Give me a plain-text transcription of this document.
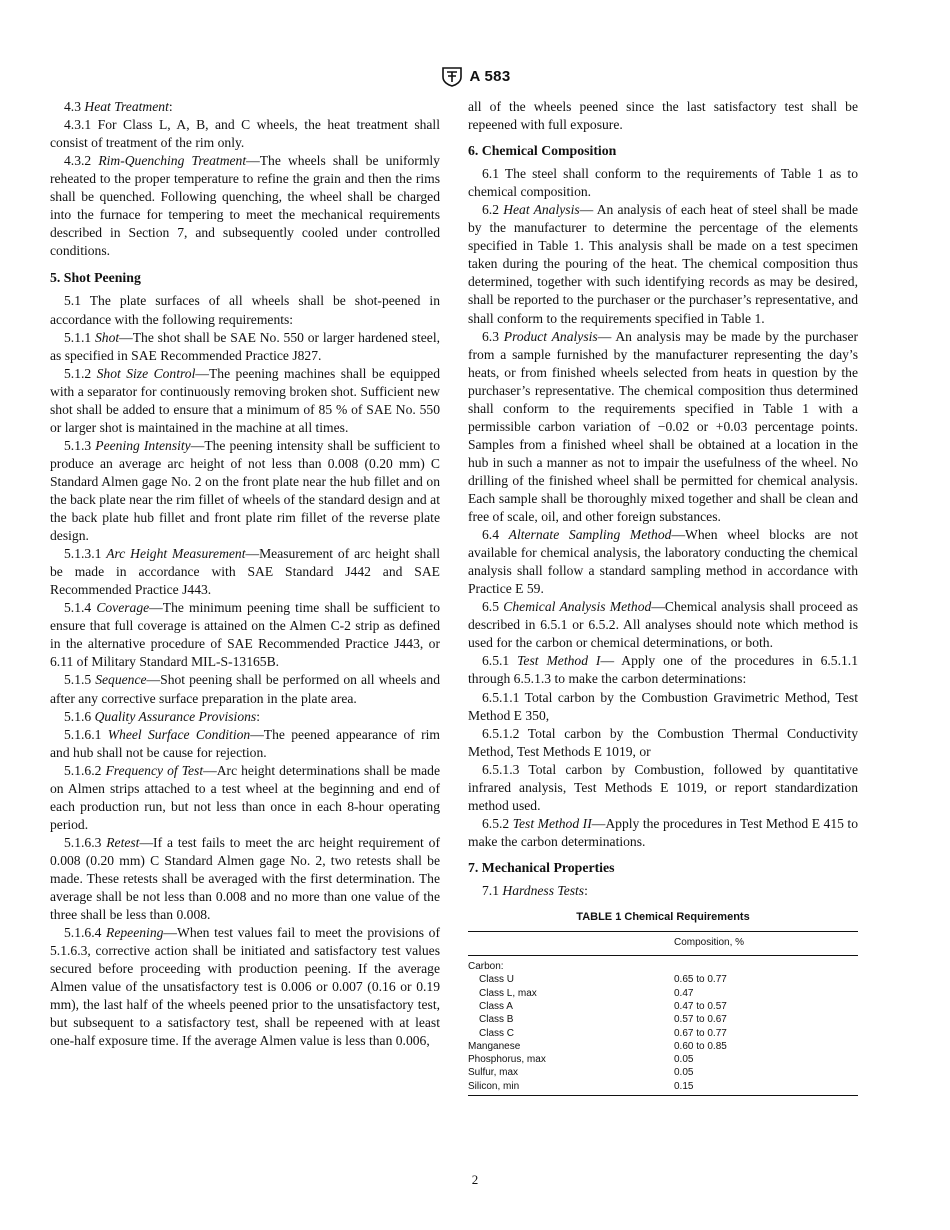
A 583

4.3 Heat Treatment:

4.3.1 For Class L, A, B, and C wheels, the heat treatment shall consist of treatment of the rim only.

4.3.2 Rim-Quenching Treatment—The wheels shall be uniformly reheated to the proper temperature to refine the grain and then the rims shall be quenched. Following quenching, the wheel shall be charged into the furnace for tempering to meet the mechanical requirements described in Section 7, and subsequently cooled under controlled conditions.

5. Shot Peening

5.1 The plate surfaces of all wheels shall be shot-peened in accordance with the following requirements:

5.1.1 Shot—The shot shall be SAE No. 550 or larger hardened steel, as specified in SAE Recommended Practice J827.

5.1.2 Shot Size Control—The peening machines shall be equipped with a separator for continuously removing broken shot. Sufficient new shot shall be added to ensure that a minimum of 85 % of SAE No. 550 or larger shot is maintained in the machine at all times.

5.1.3 Peening Intensity—The peening intensity shall be sufficient to produce an average arc height of not less than 0.008 (0.20 mm) C Standard Almen gage No. 2 on the front plate near the hub fillet and on the back plate near the rim fillet of wheels of the standard design and at the back plate hub fillet and front plate rim fillet of the reverse plate design.

5.1.3.1 Arc Height Measurement—Measurement of arc height shall be made in accordance with SAE Standard J442 and SAE Recommended Practice J443.

5.1.4 Coverage—The minimum peening time shall be sufficient to ensure that full coverage is attained on the Almen C-2 strip as defined in the alternative procedure of SAE Recommended Practice J443, or 6.11 of Military Standard MIL-S-13165B.

5.1.5 Sequence—Shot peening shall be performed on all wheels and after any corrective surface preparation in the plate area.

5.1.6 Quality Assurance Provisions:

5.1.6.1 Wheel Surface Condition—The peened appearance of rim and hub shall not be cause for rejection.

5.1.6.2 Frequency of Test—Arc height determinations shall be made on Almen strips attached to a test wheel at the beginning and end of each production run, but not less than once in each 8-hour operating period.

5.1.6.3 Retest—If a test fails to meet the arc height requirement of 0.008 (0.20 mm) C Standard Almen gage No. 2, two retests shall be made. These retests shall be averaged with the first determination. The average shall be not less than 0.008 and no more than one value of the three shall be less than 0.008.

5.1.6.4 Repeening—When test values fail to meet the provisions of 5.1.6.3, corrective action shall be initiated and satisfactory test values secured before proceeding with production peening. If the average Almen value of the unsatisfactory test is 0.006 or 0.007 (0.16 or 0.19 mm), the last half of the wheels peened prior to the unsatisfactory test, but subsequent to a satisfactory test, shall be repeened with at least one-half exposure time. If the average Almen value is less than 0.006,

all of the wheels peened since the last satisfactory test shall be repeened with full exposure.

6. Chemical Composition

6.1 The steel shall conform to the requirements of Table 1 as to chemical composition.

6.2 Heat Analysis— An analysis of each heat of steel shall be made by the manufacturer to determine the percentage of the elements specified in Table 1. This analysis shall be made on a test specimen taken during the pouring of the heat. The chemical composition thus determined, together with such identifying records as may be desired, shall be reported to the purchaser or the purchaser’s representative, and shall conform to the requirements specified in Table 1.

6.3 Product Analysis— An analysis may be made by the purchaser from a sample furnished by the manufacturer representing the day’s heats, or from finished wheels selected from heats in question by the purchaser’s representative. The chemical composition thus determined shall conform to the requirements specified in Table 1 with a permissible carbon variation of −0.02 or +0.03 percentage points. Samples from a finished wheel shall be obtained at a location in the hub in such a manner as not to impair the usefulness of the wheel. No drilling of the finished wheel shall be permitted for chemical analysis. Each sample shall be thoroughly mixed together and shall be clean and free of scale, oil, and other foreign substances.

6.4 Alternate Sampling Method—When wheel blocks are not available for chemical analysis, the laboratory conducting the chemical analysis shall follow a standard sampling method in accordance with Practice E 59.

6.5 Chemical Analysis Method—Chemical analysis shall proceed as described in 6.5.1 or 6.5.2. All analyses should note which method is used for the carbon or chemical determinations, or both.

6.5.1 Test Method I— Apply one of the procedures in 6.5.1.1 through 6.5.1.3 to make the carbon determinations:

6.5.1.1 Total carbon by the Combustion Gravimetric Method, Test Method E 350,

6.5.1.2 Total carbon by the Combustion Thermal Conductivity Method, Test Methods E 1019, or

6.5.1.3 Total carbon by Combustion, followed by quantitative infrared analysis, Test Methods E 1019, or report standardization method used.

6.5.2 Test Method II—Apply the procedures in Test Method E 415 to make the carbon determinations.

7. Mechanical Properties

7.1 Hardness Tests:

TABLE 1 Chemical Requirements
	Composition, %
Carbon:	
Class U	0.65 to 0.77
Class L, max	0.47
Class A	0.47 to 0.57
Class B	0.57 to 0.67
Class C	0.67 to 0.77
Manganese	0.60 to 0.85
Phosphorus, max	0.05
Sulfur, max	0.05
Silicon, min	0.15
2
